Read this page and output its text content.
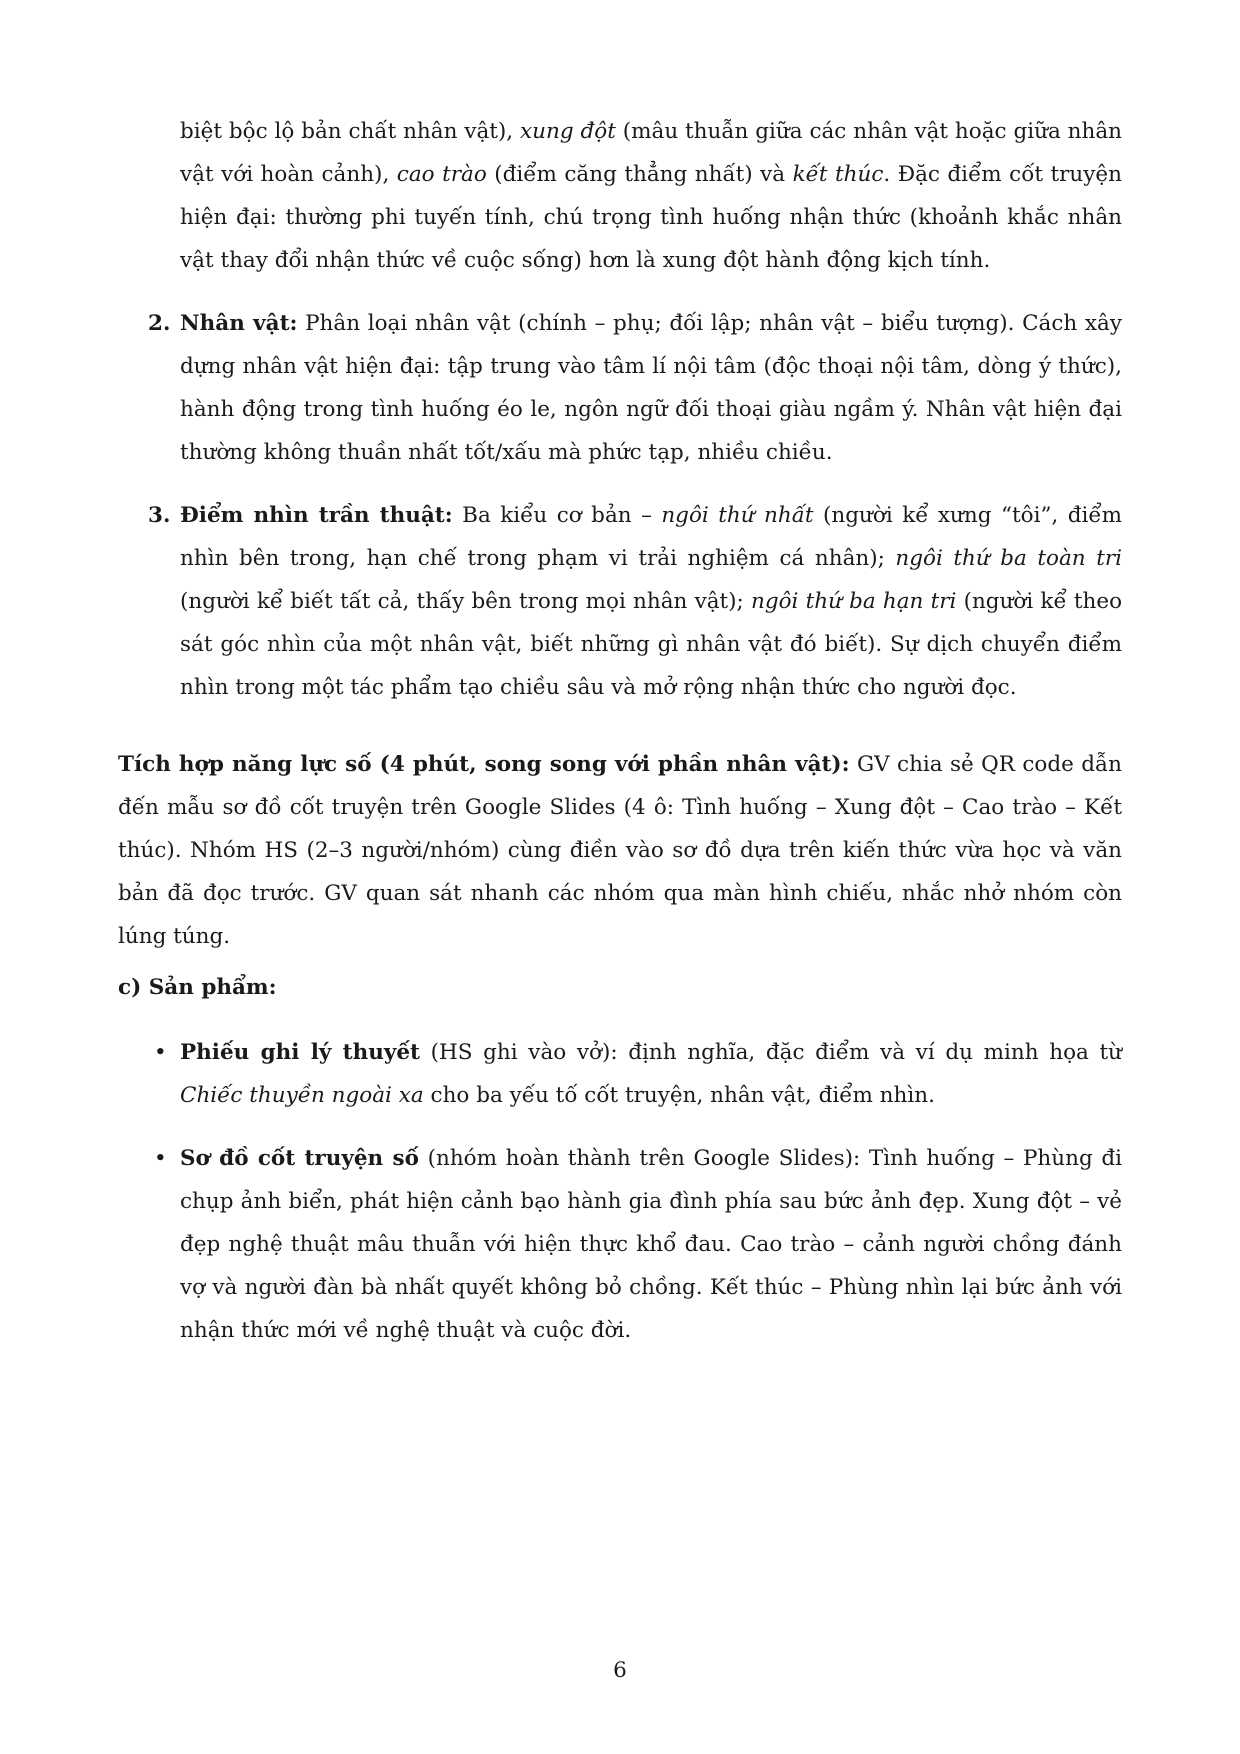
biệt bộc lộ bản chất nhân vật), xung đột (mâu thuẫn giữa các nhân vật hoặc giữa nhân vật với hoàn cảnh), cao trào (điểm căng thẳng nhất) và kết thúc. Đặc điểm cốt truyện hiện đại: thường phi tuyến tính, chú trọng tình huống nhận thức (khoảnh khắc nhân vật thay đổi nhận thức về cuộc sống) hơn là xung đột hành động kịch tính.

2. Nhân vật: Phân loại nhân vật (chính – phụ; đối lập; nhân vật – biểu tượng). Cách xây dựng nhân vật hiện đại: tập trung vào tâm lí nội tâm (độc thoại nội tâm, dòng ý thức), hành động trong tình huống éo le, ngôn ngữ đối thoại giàu ngầm ý. Nhân vật hiện đại thường không thuần nhất tốt/xấu mà phức tạp, nhiều chiều.

3. Điểm nhìn trần thuật: Ba kiểu cơ bản – ngôi thứ nhất (người kể xưng “tôi”, điểm nhìn bên trong, hạn chế trong phạm vi trải nghiệm cá nhân); ngôi thứ ba toàn tri (người kể biết tất cả, thấy bên trong mọi nhân vật); ngôi thứ ba hạn tri (người kể theo sát góc nhìn của một nhân vật, biết những gì nhân vật đó biết). Sự dịch chuyển điểm nhìn trong một tác phẩm tạo chiều sâu và mở rộng nhận thức cho người đọc.

Tích hợp năng lực số (4 phút, song song với phần nhân vật): GV chia sẻ QR code dẫn đến mẫu sơ đồ cốt truyện trên Google Slides (4 ô: Tình huống – Xung đột – Cao trào – Kết thúc). Nhóm HS (2–3 người/nhóm) cùng điền vào sơ đồ dựa trên kiến thức vừa học và văn bản đã đọc trước. GV quan sát nhanh các nhóm qua màn hình chiếu, nhắc nhở nhóm còn lúng túng.

c) Sản phẩm:

• Phiếu ghi lý thuyết (HS ghi vào vở): định nghĩa, đặc điểm và ví dụ minh họa từ Chiếc thuyền ngoài xa cho ba yếu tố cốt truyện, nhân vật, điểm nhìn.

• Sơ đồ cốt truyện số (nhóm hoàn thành trên Google Slides): Tình huống – Phùng đi chụp ảnh biển, phát hiện cảnh bạo hành gia đình phía sau bức ảnh đẹp. Xung đột – vẻ đẹp nghệ thuật mâu thuẫn với hiện thực khổ đau. Cao trào – cảnh người chồng đánh vợ và người đàn bà nhất quyết không bỏ chồng. Kết thúc – Phùng nhìn lại bức ảnh với nhận thức mới về nghệ thuật và cuộc đời.

6
